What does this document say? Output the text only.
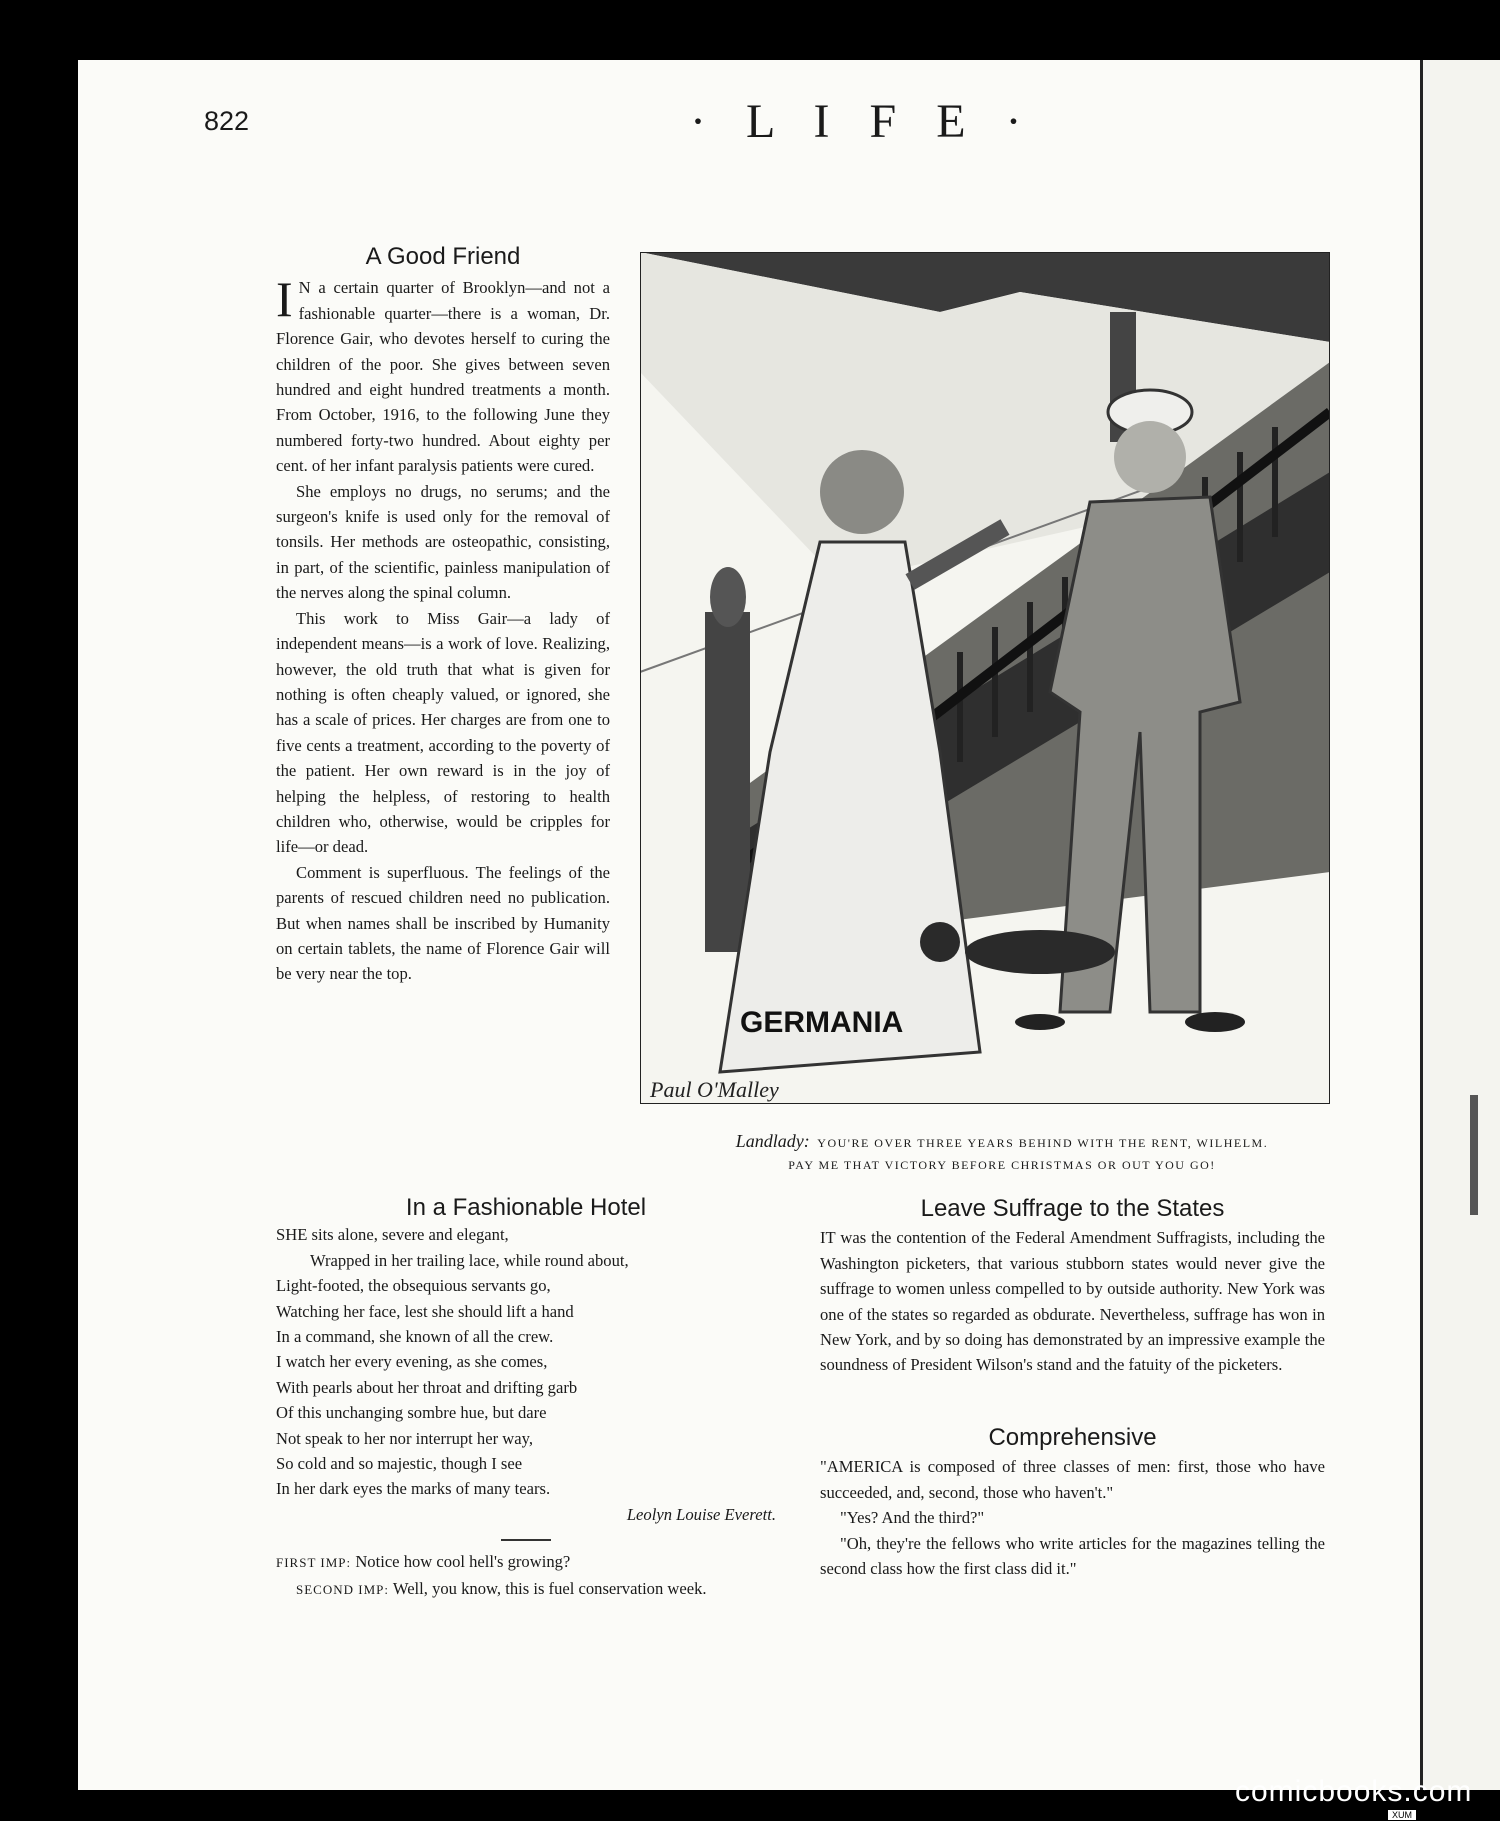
822	· L I F E ·
A Good Friend

I N a certain quarter of Brooklyn—and not a fashionable quarter—there is a woman, Dr. Florence Gair, who devotes herself to curing the children of the poor. She gives between seven hundred and eight hundred treatments a month. From October, 1916, to the following June they numbered forty-two hundred. About eighty per cent. of her infant paralysis patients were cured.

She employs no drugs, no serums; and the surgeon's knife is used only for the removal of tonsils. Her methods are osteopathic, consisting, in part, of the scientific, painless manipulation of the nerves along the spinal column.

This work to Miss Gair—a lady of independent means—is a work of love. Realizing, however, the old truth that what is given for nothing is often cheaply valued, or ignored, she has a scale of prices. Her charges are from one to five cents a treatment, according to the poverty of the patient. Her own reward is in the joy of helping the helpless, of restoring to health children who, otherwise, would be cripples for life—or dead.

Comment is superfluous. The feelings of the parents of rescued children need no publication. But when names shall be inscribed by Humanity on certain tablets, the name of Florence Gair will be very near the top.

GERMANIA
Paul O'Malley
Landlady: YOU'RE OVER THREE YEARS BEHIND WITH THE RENT, WILHELM.
PAY ME THAT VICTORY BEFORE CHRISTMAS OR OUT YOU GO!
In a Fashionable Hotel
SHE sits alone, severe and elegant,
Wrapped in her trailing lace, while round about,
Light-footed, the obsequious servants go,
Watching her face, lest she should lift a hand
In a command, she known of all the crew.
I watch her every evening, as she comes,
With pearls about her throat and drifting garb
Of this unchanging sombre hue, but dare
Not speak to her nor interrupt her way,
So cold and so majestic, though I see
In her dark eyes the marks of many tears.
Leolyn Louise Everett.
FIRST IMP: Notice how cool hell's growing?
SECOND IMP: Well, you know, this is fuel conservation week.
Leave Suffrage to the States

IT was the contention of the Federal Amendment Suffragists, including the Washington picketers, that various stubborn states would never give the suffrage to women unless compelled to by outside authority. New York was one of the states so regarded as obdurate. Nevertheless, suffrage has won in New York, and by so doing has demonstrated by an impressive example the soundness of President Wilson's stand and the fatuity of the picketers.

Comprehensive

"AMERICA is composed of three classes of men: first, those who have succeeded, and, second, those who haven't."

"Yes? And the third?"

"Oh, they're the fellows who write articles for the magazines telling the second class how the first class did it."

comicbooks.com
XUM
